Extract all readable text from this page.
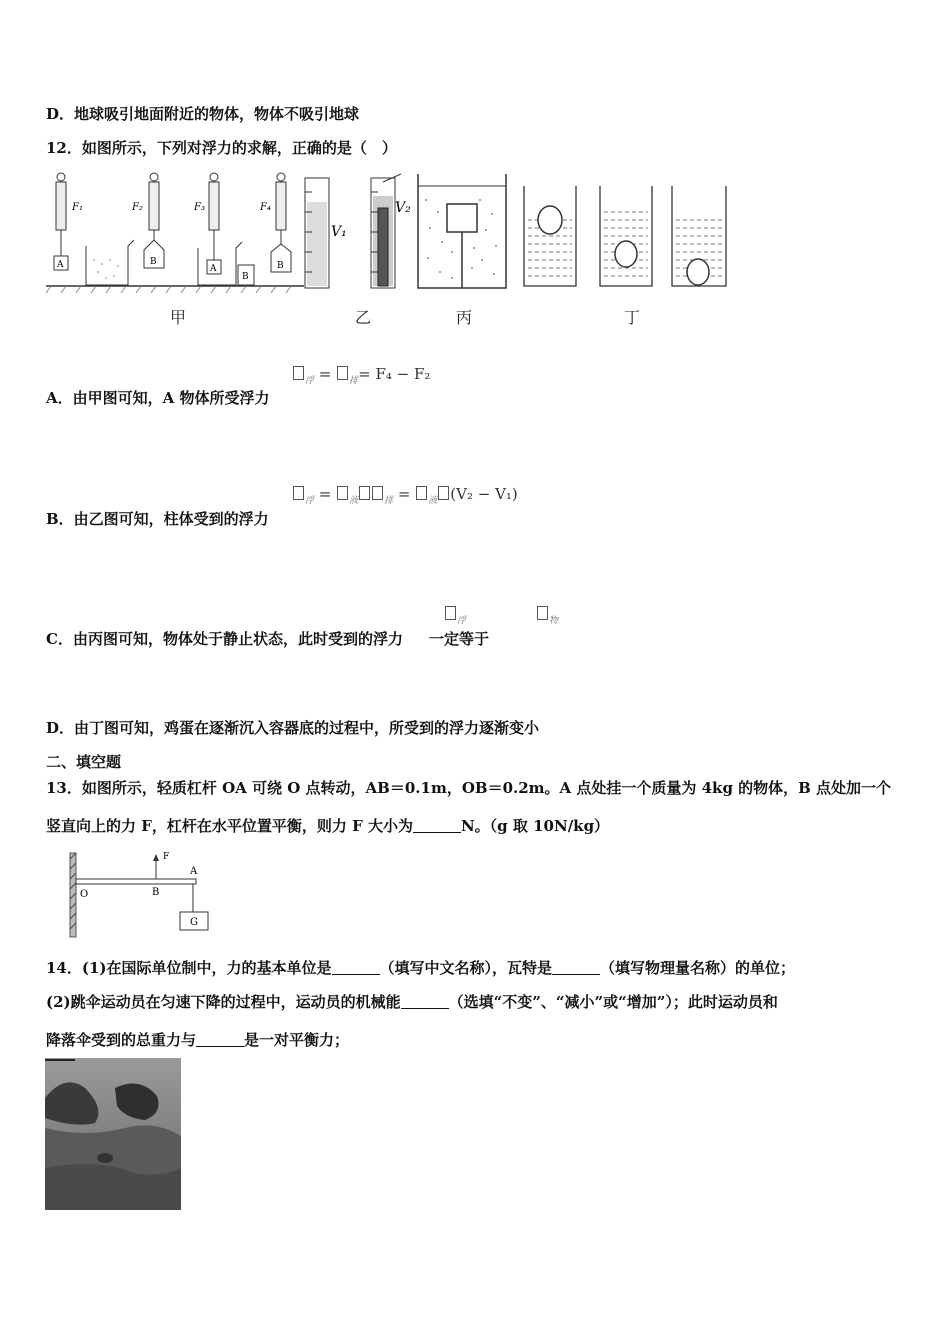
D．地球吸引地面附近的物体，物体不吸引地球
12．如图所示，下列对浮力的求解，正确的是（　）
F₁	F₂	F₃	F₄
A	B
A
B
B
V₁
V₂
甲	乙	丙	丁
$_浮$ = $_排$= F₄ − F₂
A．由甲图可知，A 物体所受浮力
$_浮$ = $_液$	$_排$ = $_液$ (V₂ − V₁)
B．由乙图可知，柱体受到的浮力
$_浮$	$_物$
C．由丙图可知，物体处于静止状态，此时受到的浮力 一定等于
D．由丁图可知，鸡蛋在逐渐沉入容器底的过程中，所受到的浮力逐渐变小
二、填空题
13．如图所示，轻质杠杆 OA 可绕 O 点转动，AB＝0.1m，OB＝0.2m。A 点处挂一个质量为 4kg 的物体，B 点处加一个
竖直向上的力 F，杠杆在水平位置平衡，则力 F 大小为	N。（g 取 10N/kg）
O	B
A
F
G
14．(1)在国际单位制中，力的基本单位是	（填写中文名称），瓦特是	（填写物理量名称）的单位；
(2)跳伞运动员在匀速下降的过程中，运动员的机械能	（选填“不变”、“减小”或“增加”）；此时运动员和
降落伞受到的总重力与	是一对平衡力；
